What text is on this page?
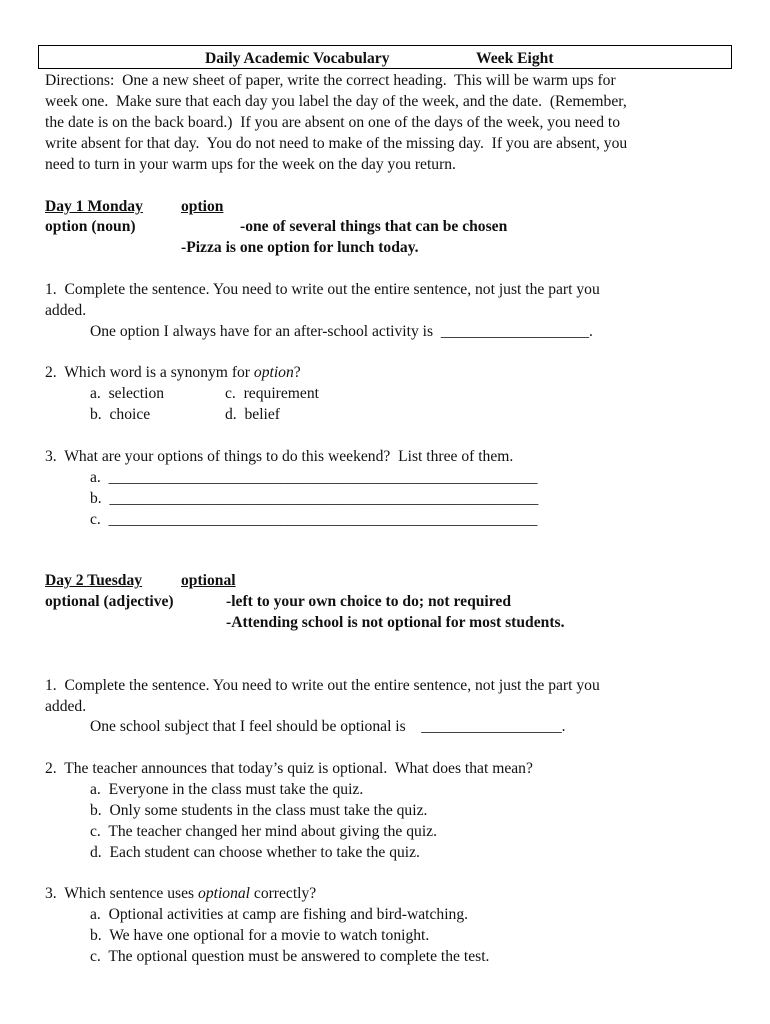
Daily Academic Vocabulary	Week Eight
Directions:  One a new sheet of paper, write the correct heading.  This will be warm ups for
week one.  Make sure that each day you label the day of the week, and the date.  (Remember,
the date is on the back board.)  If you are absent on one of the days of the week, you need to
write absent for that day.  You do not need to make of the missing day.  If you are absent, you
need to turn in your warm ups for the week on the day you return.
Day 1 Monday option
option (noun)	-one of several things that can be chosen
-Pizza is one option for lunch today.
1.  Complete the sentence. You need to write out the entire sentence, not just the part you
added.
One option I always have for an after-school activity is  ___________________.
2.  Which word is a synonym for option?
a.  selection	c.  requirement
b.  choice	d.  belief
3.  What are your options of things to do this weekend?  List three of them.
a.  _______________________________________________________
b.  _______________________________________________________
c.  _______________________________________________________
Day 2 Tuesday optional
optional (adjective)	-left to your own choice to do; not required
-Attending school is not optional for most students.
1.  Complete the sentence. You need to write out the entire sentence, not just the part you
added.
One school subject that I feel should be optional is    __________________.
2.  The teacher announces that today’s quiz is optional.  What does that mean?
a.  Everyone in the class must take the quiz.
b.  Only some students in the class must take the quiz.
c.  The teacher changed her mind about giving the quiz.
d.  Each student can choose whether to take the quiz.
3.  Which sentence uses optional correctly?
a.  Optional activities at camp are fishing and bird-watching.
b.  We have one optional for a movie to watch tonight.
c.  The optional question must be answered to complete the test.
